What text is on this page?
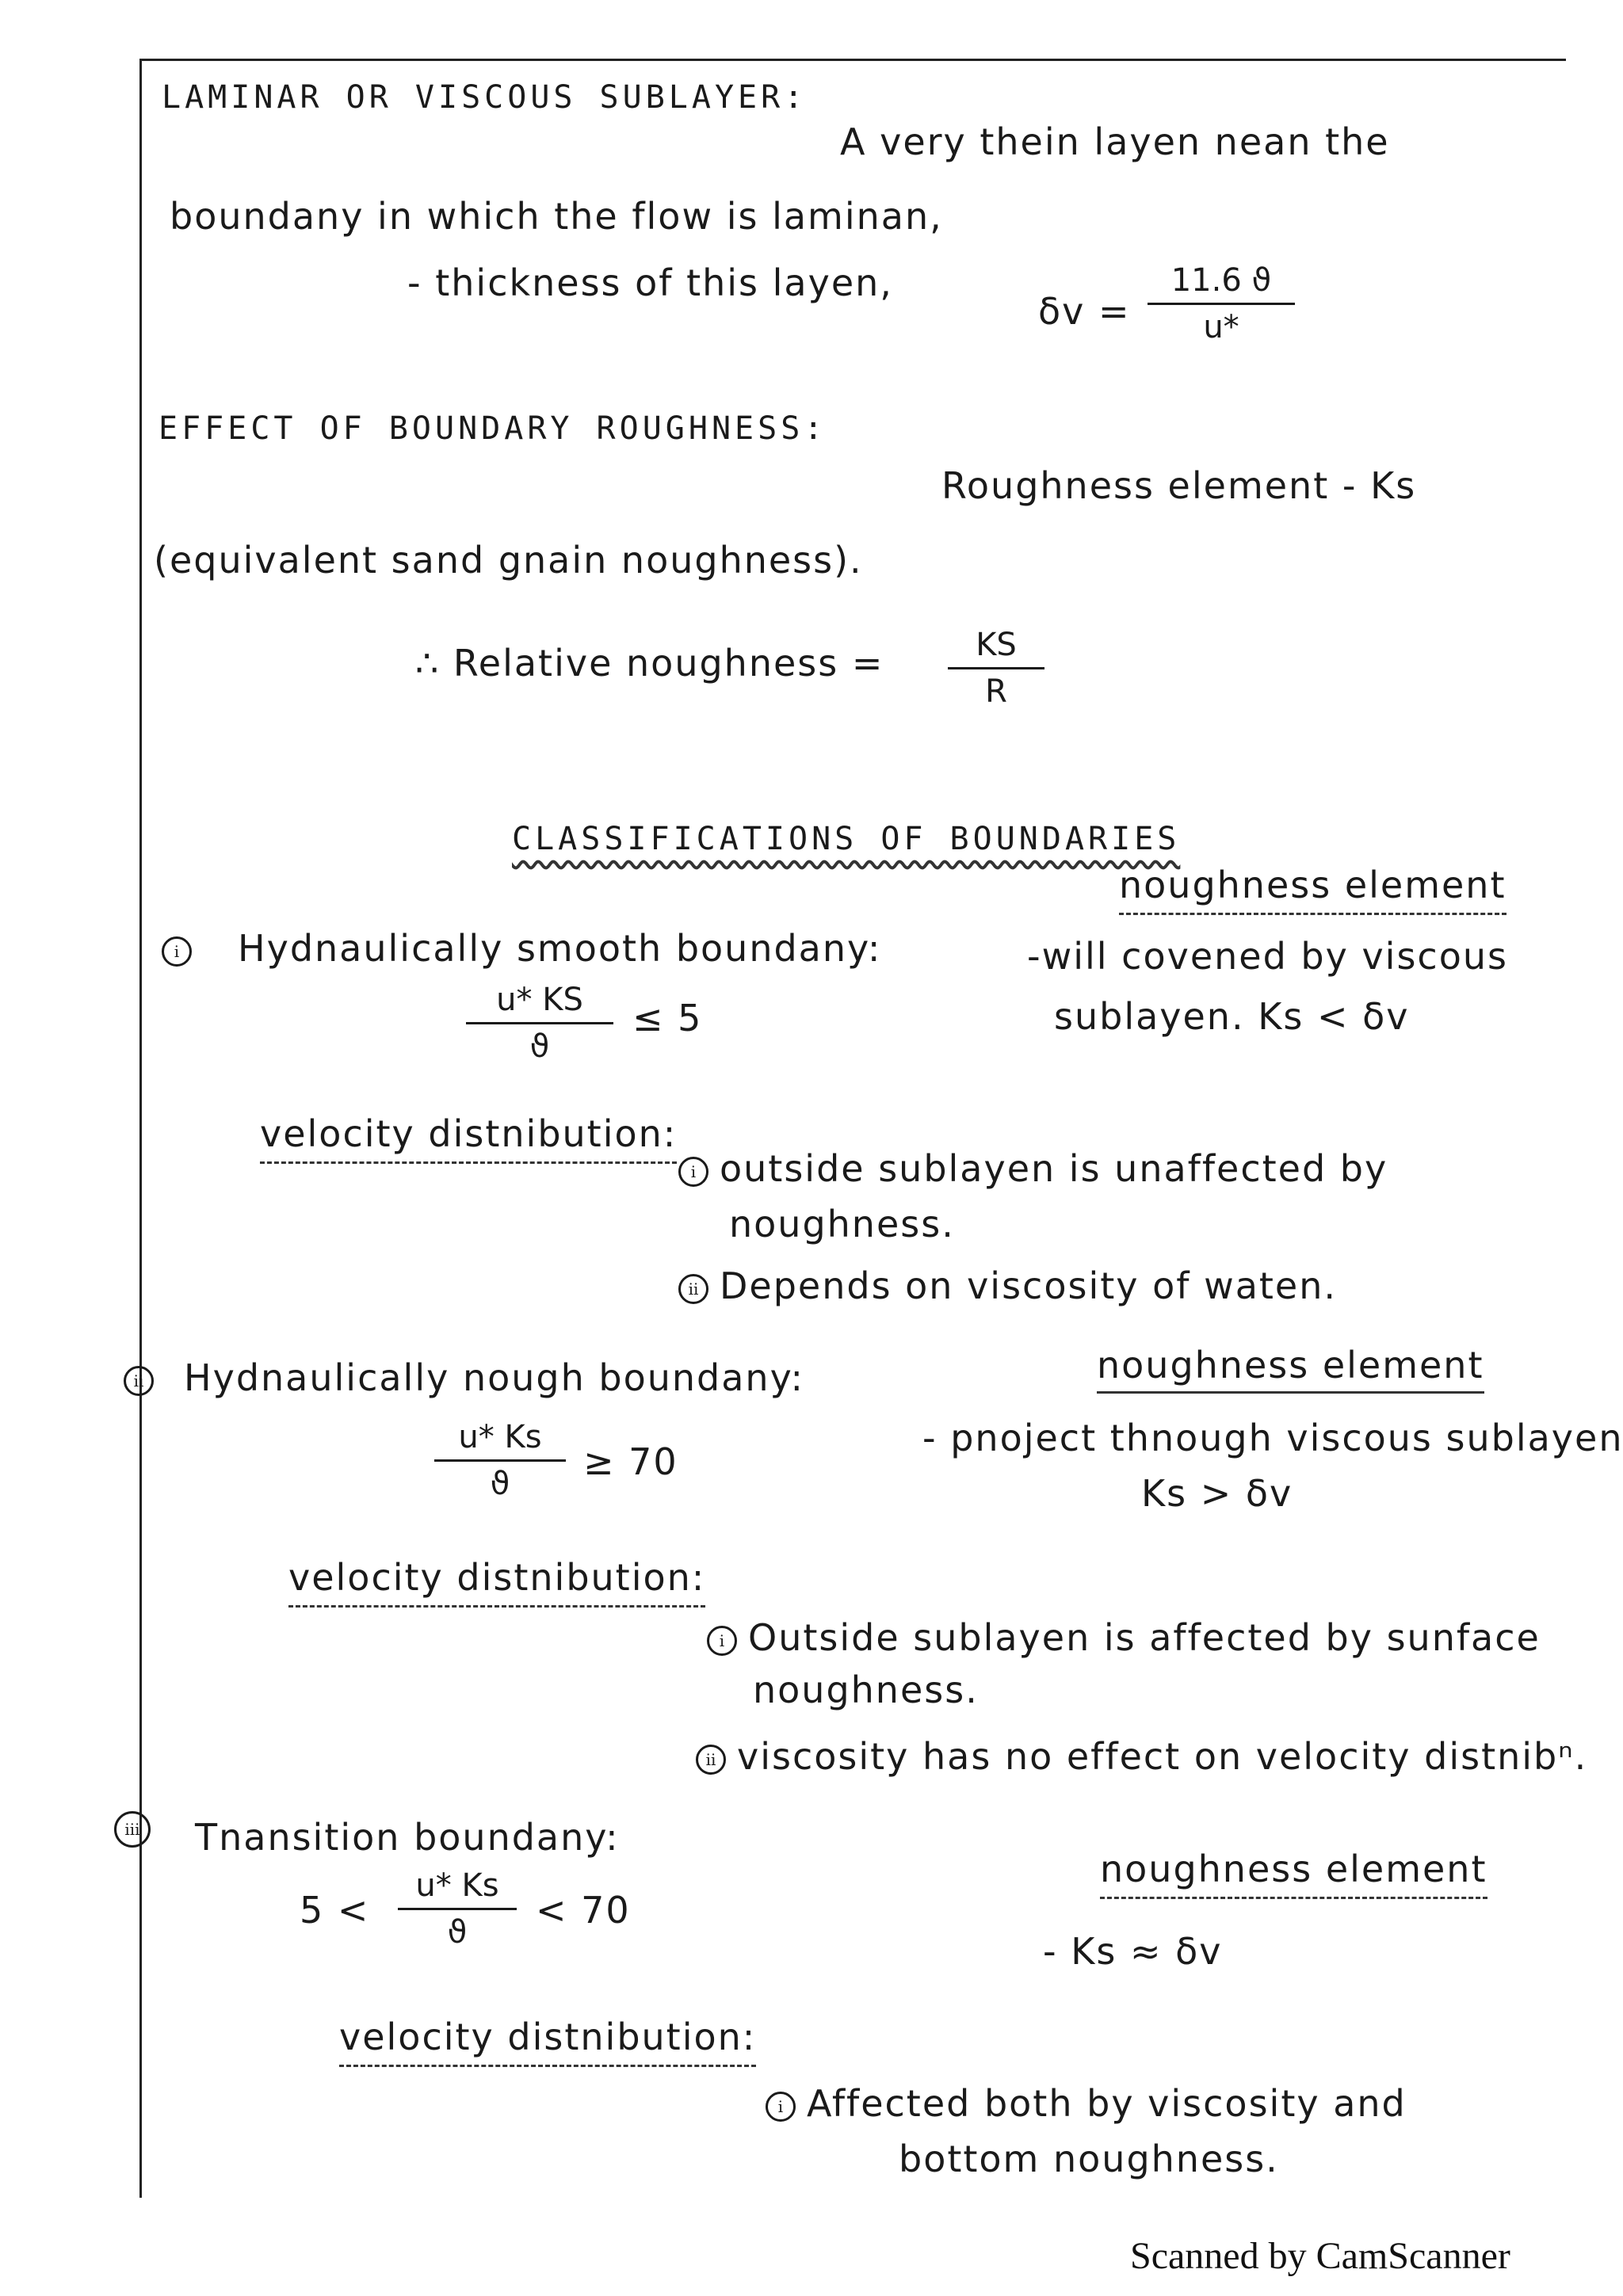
LAMINAR OR VISCOUS SUBLAYER:
A very thein layen nean the
boundany in which the flow is laminan,
- thickness of this layen,
δv =
11.6 ϑ
u*
EFFECT OF BOUNDARY ROUGHNESS:
Roughness element - Ks
(equivalent sand gnain noughness).
∴ Relative noughness =	KS
R
CLASSIFICATIONS OF BOUNDARIES
i Hydnaulically smooth boundany:
u* KS
ϑ
≤ 5
noughness element
-will covened by viscous
sublayen. Ks < δv
velocity distnibution:
i outside sublayen is unaffected by
noughness.
ii Depends on viscosity of waten.
ii Hydnaulically nough boundany:
u* Ks
ϑ
≥ 70
noughness element
- pnoject thnough viscous sublayen
Ks > δv
velocity distnibution:
i Outside sublayen is affected by sunface
noughness.
ii viscosity has no effect on velocity distnibⁿ.
iii	Tnansition boundany:
5 <
u* Ks
ϑ
< 70
noughness element
- Ks ≈ δv
velocity distnibution:
i Affected both by viscosity and
bottom noughness.
Scanned by CamScanner
